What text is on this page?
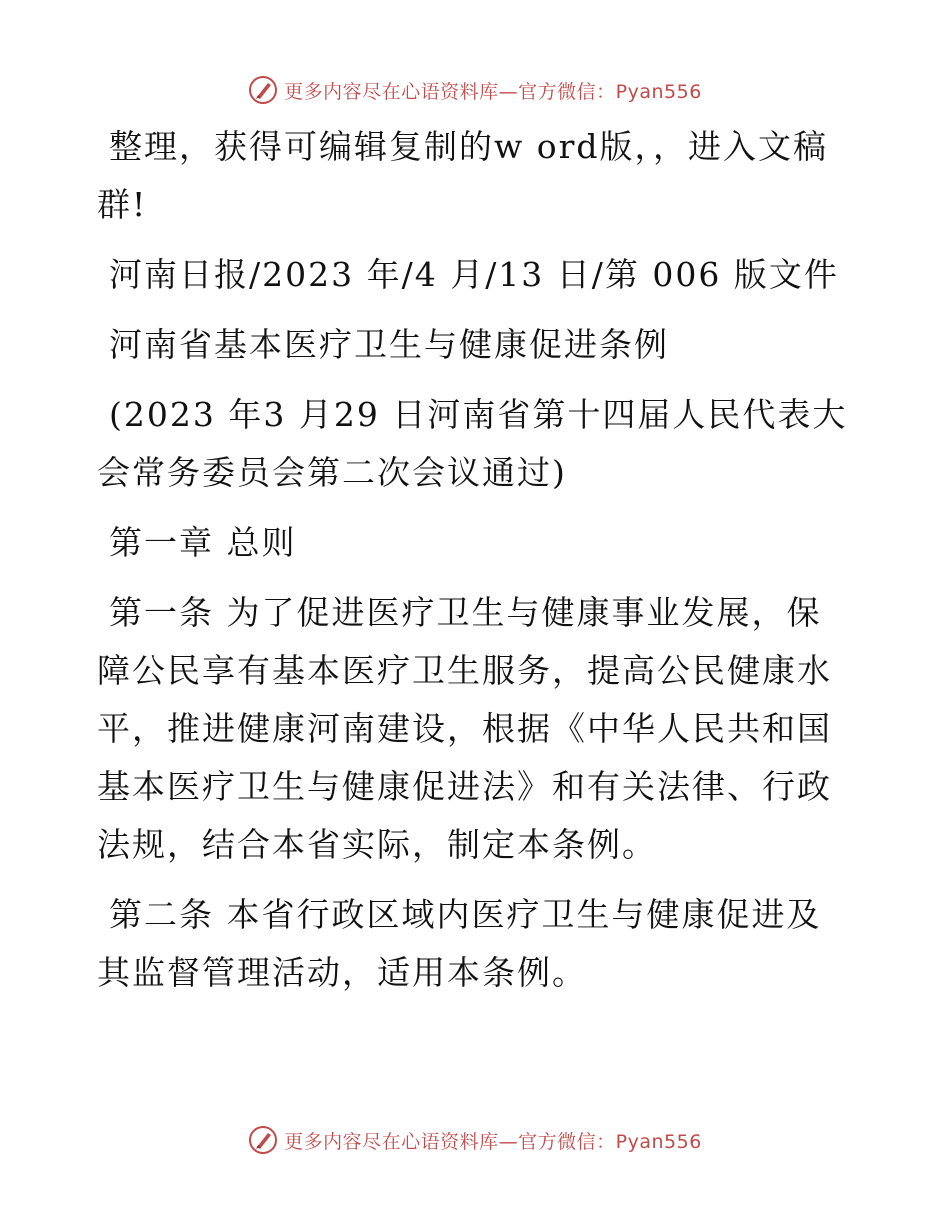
更多内容尽在心语资料库—官方微信：Pyan556

整理，获得可编辑复制的w ord版，，进入文稿群!

河南日报/2023 年/4 月/13 日/第 006 版文件

河南省基本医疗卫生与健康促进条例

(2023 年3 月29 日河南省第十四届人民代表大会常务委员会第二次会议通过)

第一章 总则

第一条 为了促进医疗卫生与健康事业发展，保障公民享有基本医疗卫生服务，提高公民健康水平，推进健康河南建设，根据《中华人民共和国基本医疗卫生与健康促进法》和有关法律、行政法规，结合本省实际，制定本条例。

第二条 本省行政区域内医疗卫生与健康促进及其监督管理活动，适用本条例。

更多内容尽在心语资料库—官方微信：Pyan556
